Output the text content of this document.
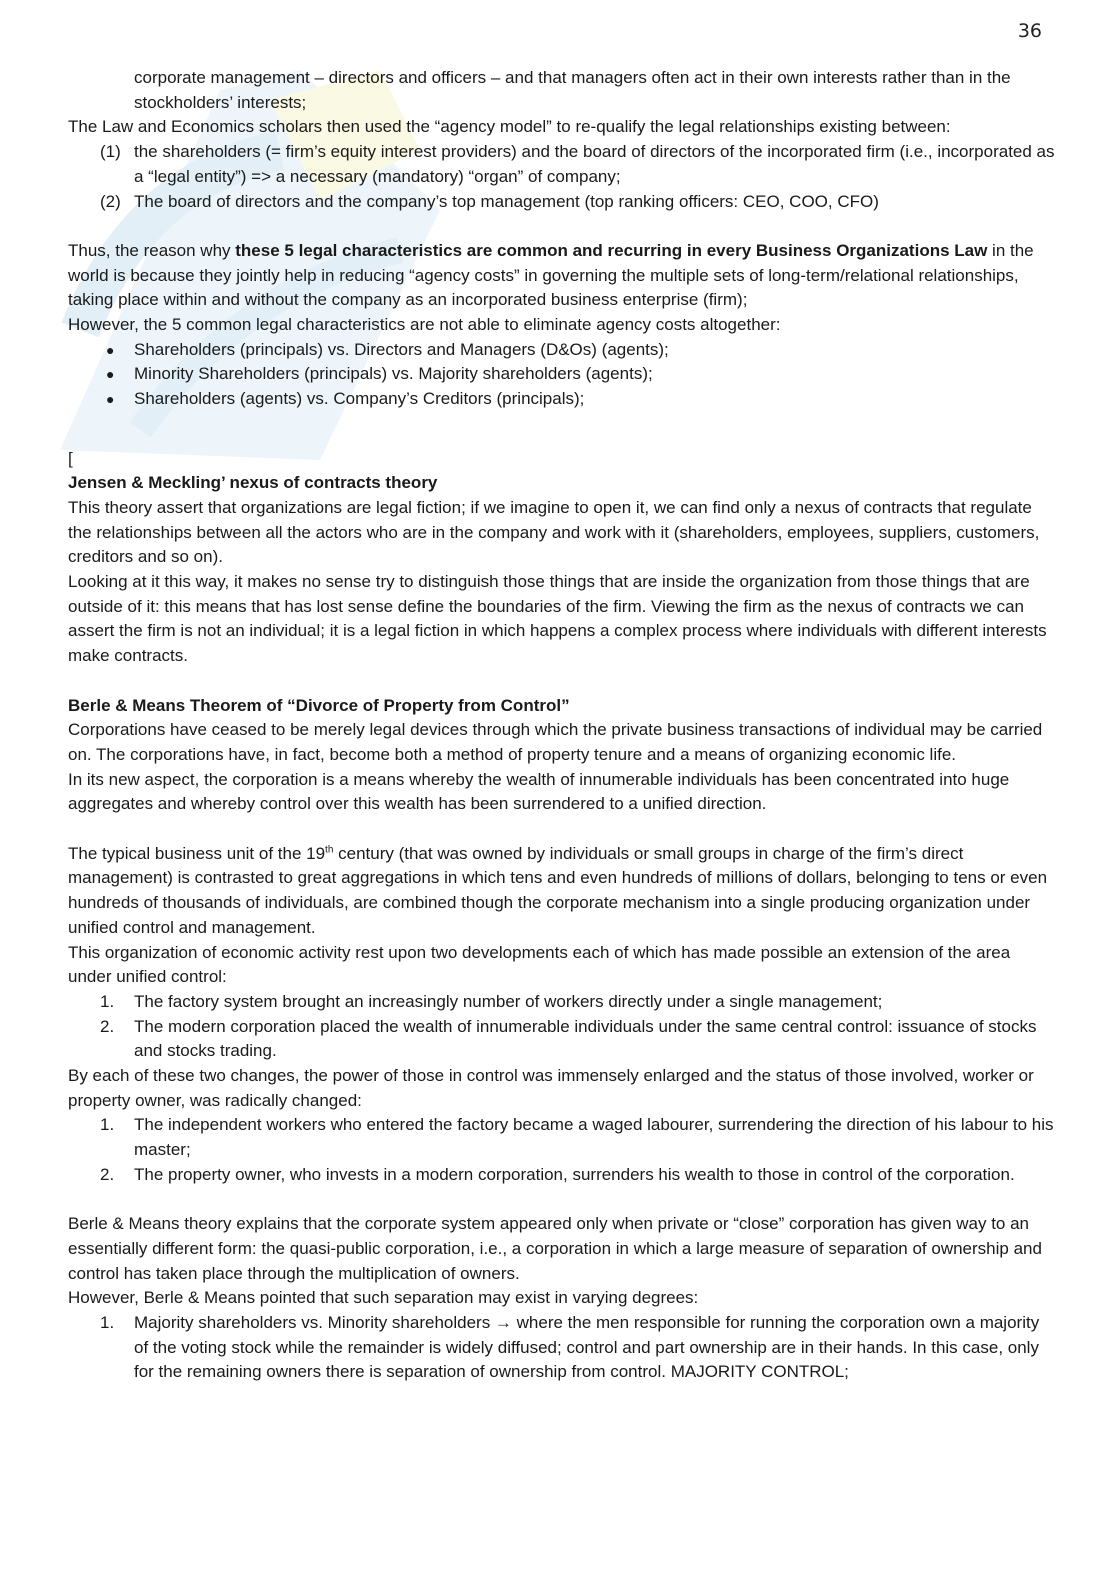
36

corporate management – directors and officers – and that managers often act in their own interests rather than in the stockholders’ interests;

The Law and Economics scholars then used the “agency model” to re-qualify the legal relationships existing between:

(1) the shareholders (= firm’s equity interest providers) and the board of directors of the incorporated firm (i.e., incorporated as a “legal entity”) => a necessary (mandatory) “organ” of company;
(2) The board of directors and the company’s top management (top ranking officers: CEO, COO, CFO)

Thus, the reason why these 5 legal characteristics are common and recurring in every Business Organizations Law in the world is because they jointly help in reducing “agency costs” in governing the multiple sets of long-term/relational relationships, taking place within and without the company as an incorporated business enterprise (firm);

However, the 5 common legal characteristics are not able to eliminate agency costs altogether:

● Shareholders (principals) vs. Directors and Managers (D&Os) (agents);
● Minority Shareholders (principals) vs. Majority shareholders (agents);
● Shareholders (agents) vs. Company’s Creditors (principals);

[

Jensen & Meckling’ nexus of contracts theory

This theory assert that organizations are legal fiction; if we imagine to open it, we can find only a nexus of contracts that regulate the relationships between all the actors who are in the company and work with it (shareholders, employees, suppliers, customers, creditors and so on).

Looking at it this way, it makes no sense try to distinguish those things that are inside the organization from those things that are outside of it: this means that has lost sense define the boundaries of the firm. Viewing the firm as the nexus of contracts we can assert the firm is not an individual; it is a legal fiction in which happens a complex process where individuals with different interests make contracts.

Berle & Means Theorem of “Divorce of Property from Control”

Corporations have ceased to be merely legal devices through which the private business transactions of individual may be carried on. The corporations have, in fact, become both a method of property tenure and a means of organizing economic life.

In its new aspect, the corporation is a means whereby the wealth of innumerable individuals has been concentrated into huge aggregates and whereby control over this wealth has been surrendered to a unified direction.

The typical business unit of the 19th century (that was owned by individuals or small groups in charge of the firm’s direct management) is contrasted to great aggregations in which tens and even hundreds of millions of dollars, belonging to tens or even hundreds of thousands of individuals, are combined though the corporate mechanism into a single producing organization under unified control and management.

This organization of economic activity rest upon two developments each of which has made possible an extension of the area under unified control:

1. The factory system brought an increasingly number of workers directly under a single management;
2. The modern corporation placed the wealth of innumerable individuals under the same central control: issuance of stocks and stocks trading.

By each of these two changes, the power of those in control was immensely enlarged and the status of those involved, worker or property owner, was radically changed:

1. The independent workers who entered the factory became a waged labourer, surrendering the direction of his labour to his master;
2. The property owner, who invests in a modern corporation, surrenders his wealth to those in control of the corporation.

Berle & Means theory explains that the corporate system appeared only when private or “close” corporation has given way to an essentially different form: the quasi-public corporation, i.e., a corporation in which a large measure of separation of ownership and control has taken place through the multiplication of owners.

However, Berle & Means pointed that such separation may exist in varying degrees:

1. Majority shareholders vs. Minority shareholders → where the men responsible for running the corporation own a majority of the voting stock while the remainder is widely diffused; control and part ownership are in their hands. In this case, only for the remaining owners there is separation of ownership from control. MAJORITY CONTROL;
